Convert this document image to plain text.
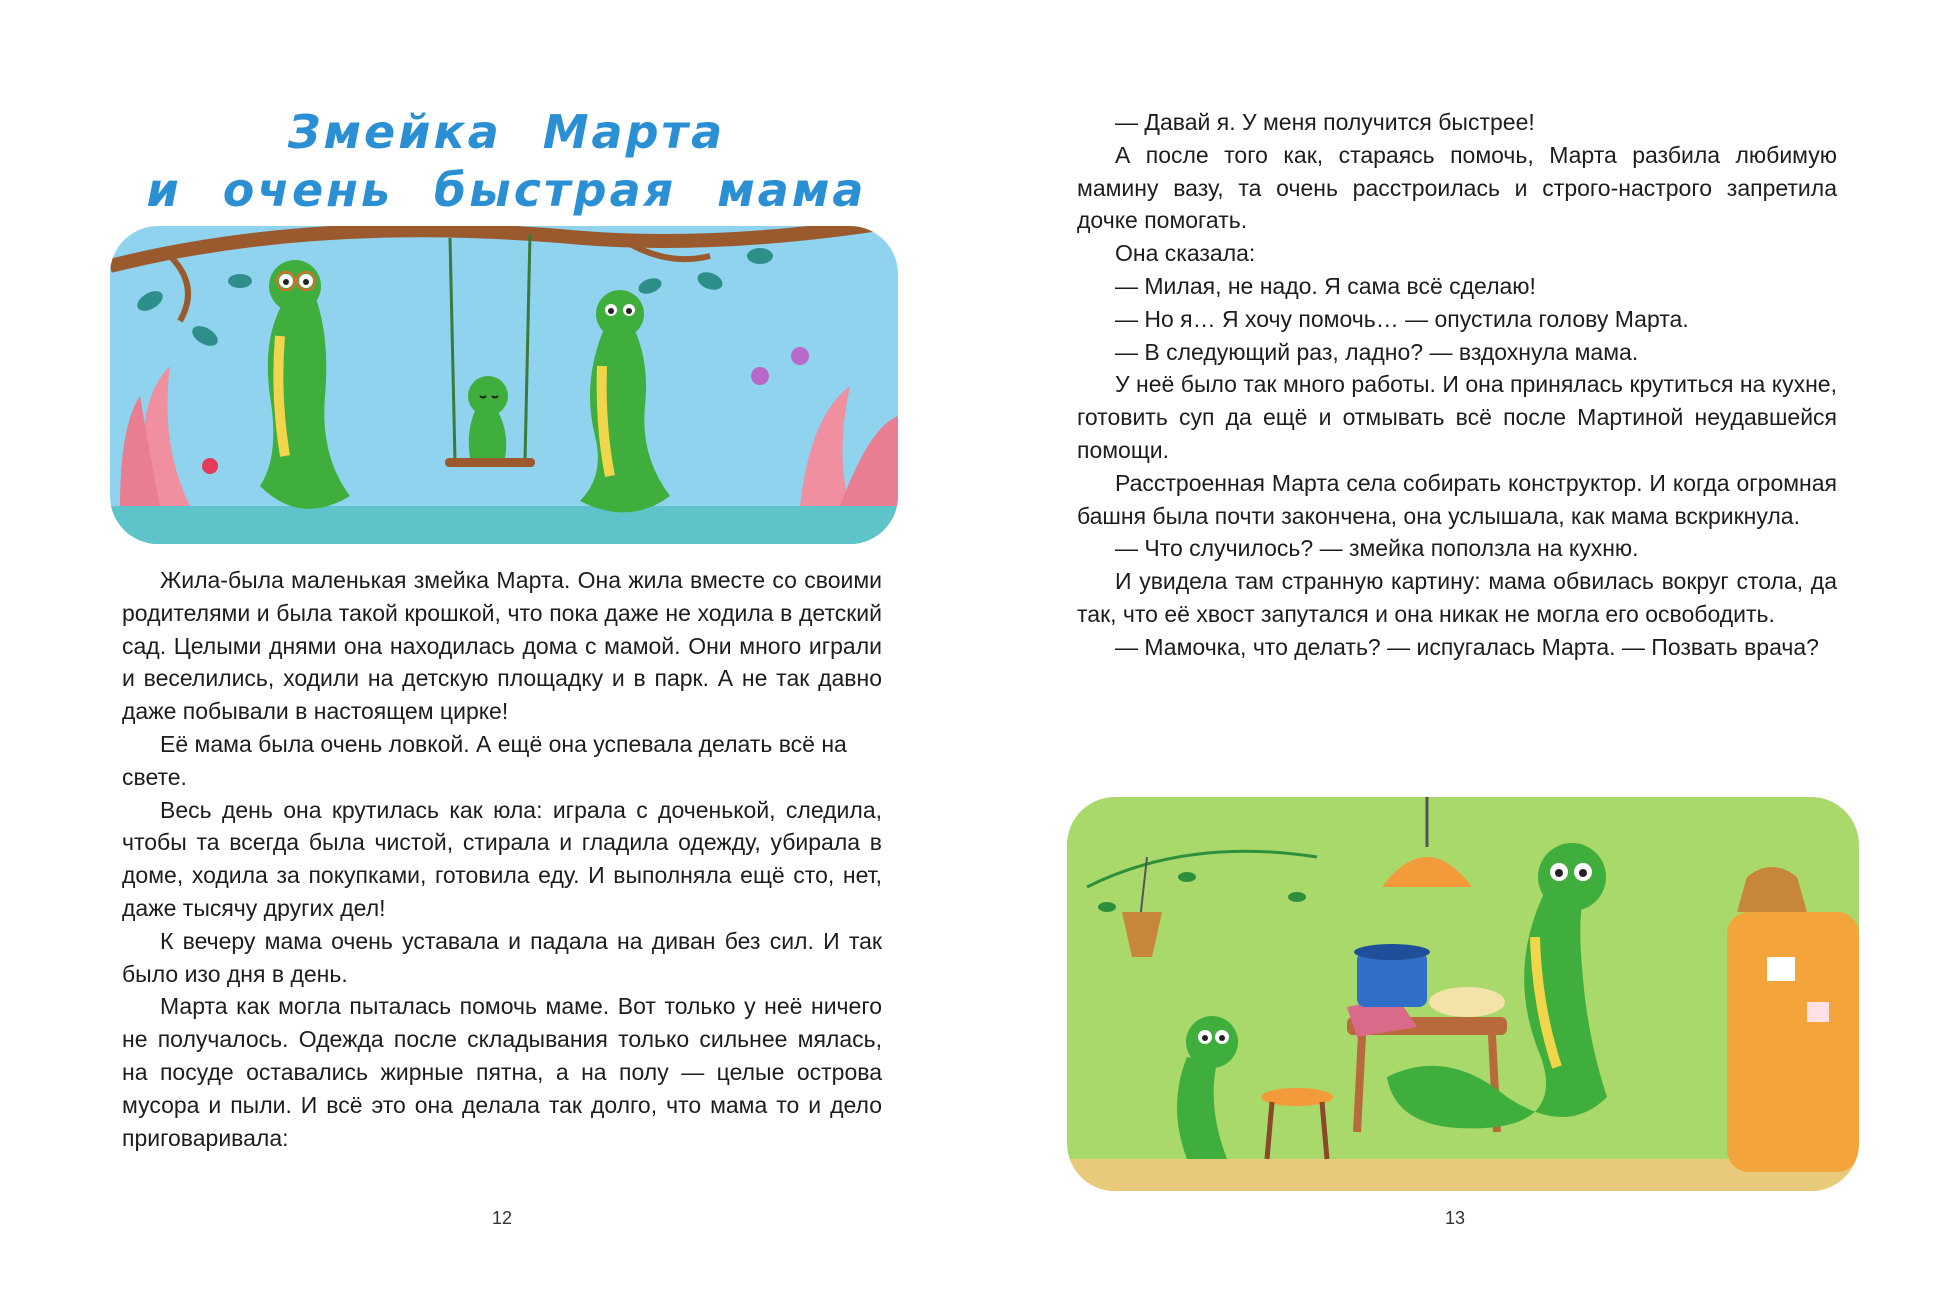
Змейка Марта
и очень быстрая мама

Жила-была маленькая змейка Марта. Она жила вместе со своими родителями и была такой крошкой, что пока даже не ходила в детский сад. Целыми днями она находилась дома с мамой. Они много играли и веселились, ходили на детскую площадку и в парк. А не так давно даже побывали в настоящем цирке!

Её мама была очень ловкой. А ещё она успевала делать всё на свете.

Весь день она крутилась как юла: играла с доченькой, следила, чтобы та всегда была чистой, стирала и гладила одежду, убирала в доме, ходила за покупками, готовила еду. И выполняла ещё сто, нет, даже тысячу других дел!

К вечеру мама очень уставала и падала на диван без сил. И так было изо дня в день.

Марта как могла пыталась помочь маме. Вот только у неё ничего не получалось. Одежда после складывания только сильнее мялась, на посуде оставались жирные пятна, а на полу — целые острова мусора и пыли. И всё это она делала так долго, что мама то и дело приговаривала:

12

— Давай я. У меня получится быстрее!

А после того как, стараясь помочь, Марта разбила любимую мамину вазу, та очень расстроилась и строго-настрого запретила дочке помогать.

Она сказала:

— Милая, не надо. Я сама всё сделаю!

— Но я… Я хочу помочь… — опустила голову Марта.

— В следующий раз, ладно? — вздохнула мама.

У неё было так много работы. И она принялась крутиться на кухне, готовить суп да ещё и отмывать всё после Мартиной неудавшейся помощи.

Расстроенная Марта села собирать конструктор. И когда огромная башня была почти закончена, она услышала, как мама вскрикнула.

— Что случилось? — змейка поползла на кухню.

И увидела там странную картину: мама обвилась вокруг стола, да так, что её хвост запутался и она никак не могла его освободить.

— Мамочка, что делать? — испугалась Марта. — Позвать врача?

13
